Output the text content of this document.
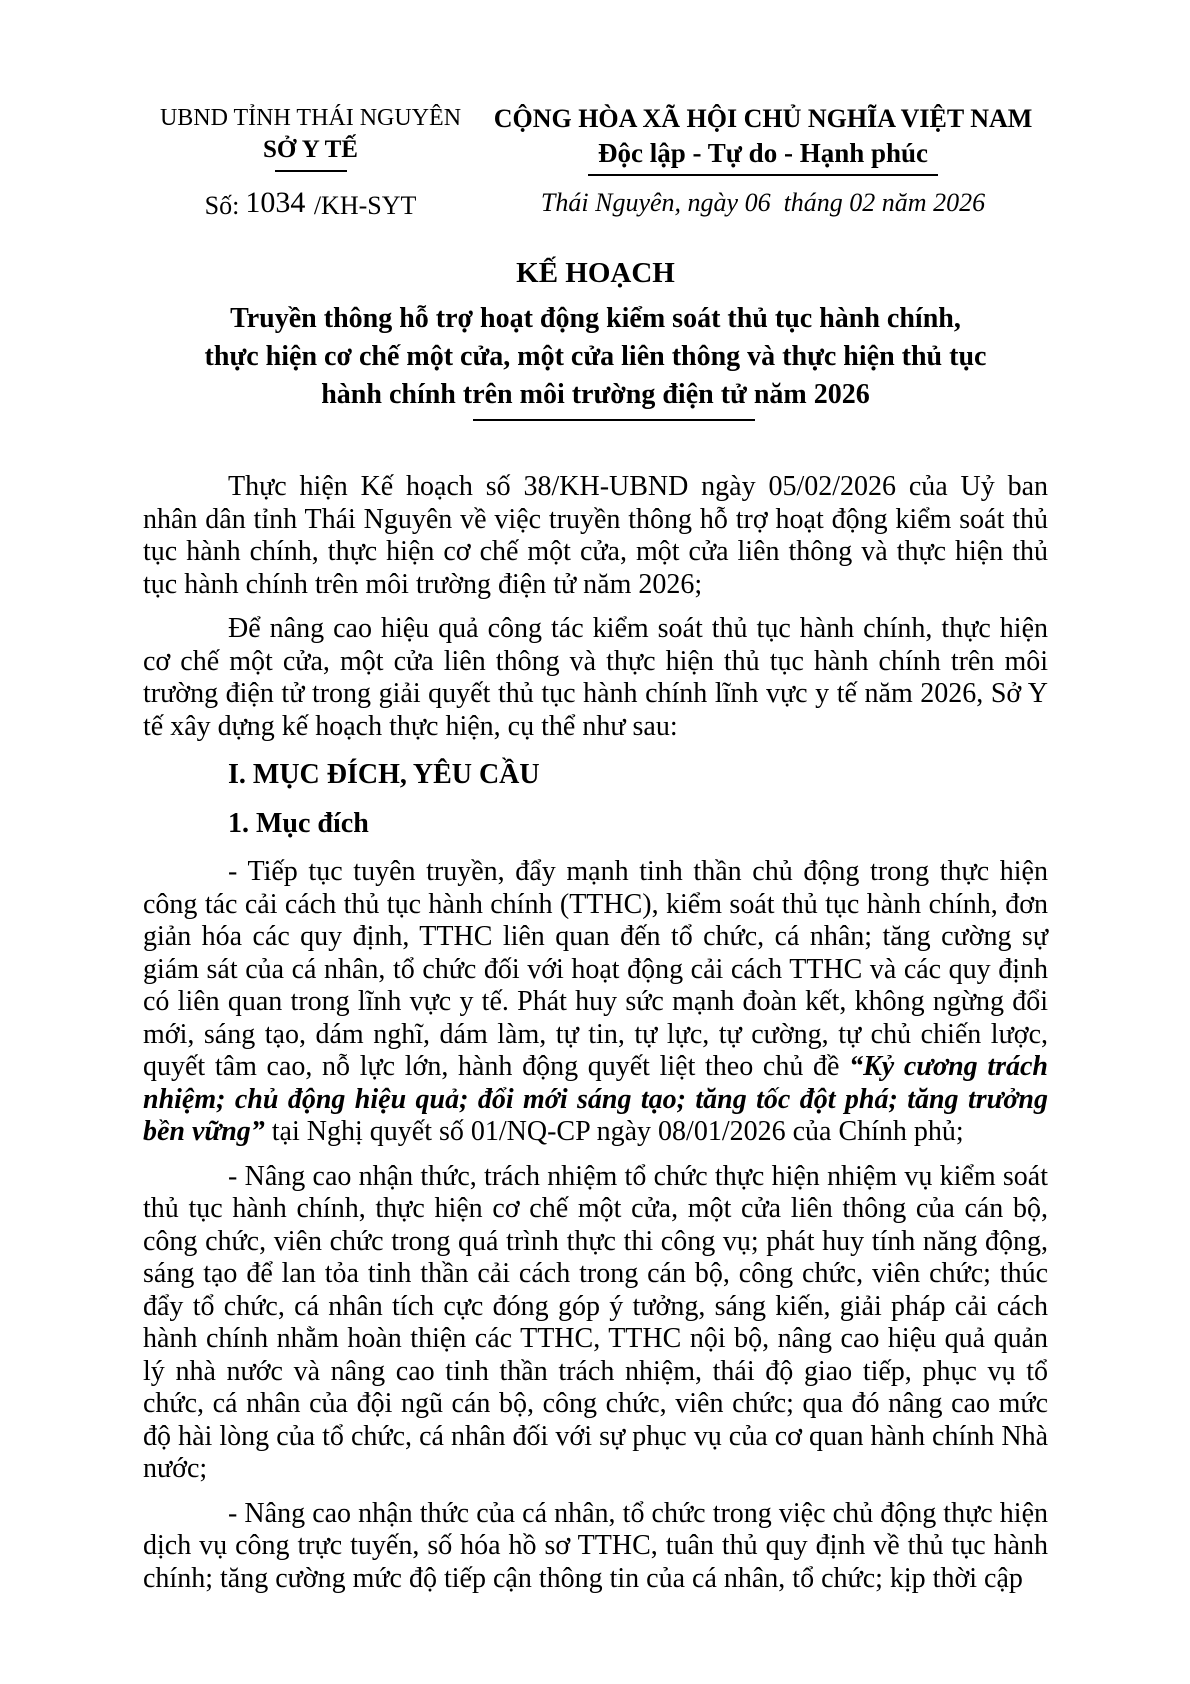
UBND TỈNH THÁI NGUYÊN
SỞ Y TẾ
Số: 1034 /KH-SYT
CỘNG HÒA XÃ HỘI CHỦ NGHĨA VIỆT NAM
Độc lập - Tự do - Hạnh phúc
Thái Nguyên, ngày 06  tháng 02 năm 2026
KẾ HOẠCH
Truyền thông hỗ trợ hoạt động kiểm soát thủ tục hành chính,
thực hiện cơ chế một cửa, một cửa liên thông và thực hiện thủ tục
hành chính trên môi trường điện tử năm 2026

Thực hiện Kế hoạch số 38/KH-UBND ngày 05/02/2026 của Uỷ ban nhân dân tỉnh Thái Nguyên về việc truyền thông hỗ trợ hoạt động kiểm soát thủ tục hành chính, thực hiện cơ chế một cửa, một cửa liên thông và thực hiện thủ tục hành chính trên môi trường điện tử năm 2026;

Để nâng cao hiệu quả công tác kiểm soát thủ tục hành chính, thực hiện cơ chế một cửa, một cửa liên thông và thực hiện thủ tục hành chính trên môi trường điện tử trong giải quyết thủ tục hành chính lĩnh vực y tế năm 2026, Sở Y tế xây dựng kế hoạch thực hiện, cụ thể như sau:

I. MỤC ĐÍCH, YÊU CẦU

1. Mục đích

- Tiếp tục tuyên truyền, đẩy mạnh tinh thần chủ động trong thực hiện công tác cải cách thủ tục hành chính (TTHC), kiểm soát thủ tục hành chính, đơn giản hóa các quy định, TTHC liên quan đến tổ chức, cá nhân; tăng cường sự giám sát của cá nhân, tổ chức đối với hoạt động cải cách TTHC và các quy định có liên quan trong lĩnh vực y tế. Phát huy sức mạnh đoàn kết, không ngừng đổi mới, sáng tạo, dám nghĩ, dám làm, tự tin, tự lực, tự cường, tự chủ chiến lược, quyết tâm cao, nỗ lực lớn, hành động quyết liệt theo chủ đề “Kỷ cương trách nhiệm; chủ động hiệu quả; đổi mới sáng tạo; tăng tốc đột phá; tăng trưởng bền vững” tại Nghị quyết số 01/NQ-CP ngày 08/01/2026 của Chính phủ;

- Nâng cao nhận thức, trách nhiệm tổ chức thực hiện nhiệm vụ kiểm soát thủ tục hành chính, thực hiện cơ chế một cửa, một cửa liên thông của cán bộ, công chức, viên chức trong quá trình thực thi công vụ; phát huy tính năng động, sáng tạo để lan tỏa tinh thần cải cách trong cán bộ, công chức, viên chức; thúc đẩy tổ chức, cá nhân tích cực đóng góp ý tưởng, sáng kiến, giải pháp cải cách hành chính nhằm hoàn thiện các TTHC, TTHC nội bộ, nâng cao hiệu quả quản lý nhà nước và nâng cao tinh thần trách nhiệm, thái độ giao tiếp, phục vụ tổ chức, cá nhân của đội ngũ cán bộ, công chức, viên chức; qua đó nâng cao mức độ hài lòng của tổ chức, cá nhân đối với sự phục vụ của cơ quan hành chính Nhà nước;

- Nâng cao nhận thức của cá nhân, tổ chức trong việc chủ động thực hiện dịch vụ công trực tuyến, số hóa hồ sơ TTHC, tuân thủ quy định về thủ tục hành chính; tăng cường mức độ tiếp cận thông tin của cá nhân, tổ chức; kịp thời cập
